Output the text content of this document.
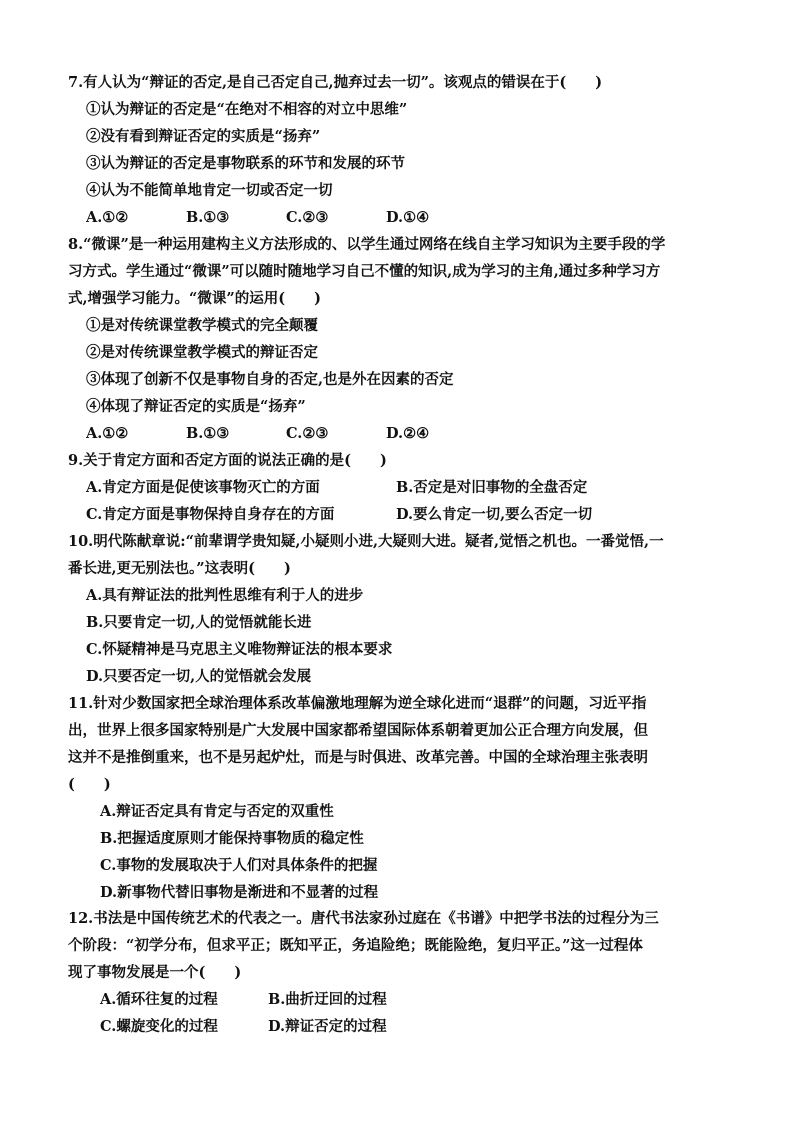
7.有人认为“辩证的否定,是自己否定自己,抛弃过去一切”。该观点的错误在于(　　)
①认为辩证的否定是“在绝对不相容的对立中思维”
②没有看到辩证否定的实质是“扬弃”
③认为辩证的否定是事物联系的环节和发展的环节
④认为不能简单地肯定一切或否定一切
A.①②	B.①③	C.②③	D.①④
8.“微课”是一种运用建构主义方法形成的、以学生通过网络在线自主学习知识为主要手段的学
习方式。学生通过“微课”可以随时随地学习自己不懂的知识,成为学习的主角,通过多种学习方
式,增强学习能力。“微课”的运用(　　)
①是对传统课堂教学模式的完全颠覆
②是对传统课堂教学模式的辩证否定
③体现了创新不仅是事物自身的否定,也是外在因素的否定
④体现了辩证否定的实质是“扬弃”
A.①②	B.①③	C.②③	D.②④
9.关于肯定方面和否定方面的说法正确的是(　　)
A.肯定方面是促使该事物灭亡的方面	B.否定是对旧事物的全盘否定
C.肯定方面是事物保持自身存在的方面	D.要么肯定一切,要么否定一切
10.明代陈献章说:“前辈谓学贵知疑,小疑则小进,大疑则大进。疑者,觉悟之机也。一番觉悟,一
番长进,更无别法也。”这表明(　　)
A.具有辩证法的批判性思维有利于人的进步
B.只要肯定一切,人的觉悟就能长进
C.怀疑精神是马克思主义唯物辩证法的根本要求
D.只要否定一切,人的觉悟就会发展
11.针对少数国家把全球治理体系改革偏激地理解为逆全球化进而“退群”的问题，习近平指
出，世界上很多国家特别是广大发展中国家都希望国际体系朝着更加公正合理方向发展，但
这并不是推倒重来，也不是另起炉灶，而是与时俱进、改革完善。中国的全球治理主张表明
(　　)
A.辩证否定具有肯定与否定的双重性
B.把握适度原则才能保持事物质的稳定性
C.事物的发展取决于人们对具体条件的把握
D.新事物代替旧事物是渐进和不显著的过程
12.书法是中国传统艺术的代表之一。唐代书法家孙过庭在《书谱》中把学书法的过程分为三
个阶段：“初学分布，但求平正；既知平正，务追险绝；既能险绝，复归平正。”这一过程体
现了事物发展是一个(　　)
A.循环往复的过程	B.曲折迂回的过程
C.螺旋变化的过程	D.辩证否定的过程
